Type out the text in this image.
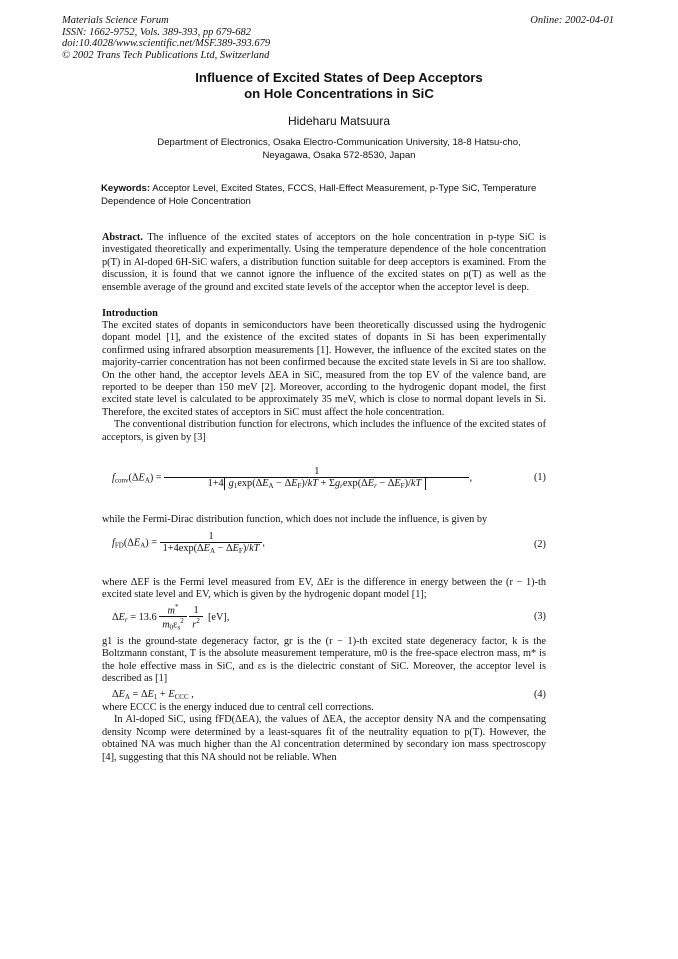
Materials Science Forum
ISSN: 1662-9752, Vols. 389-393, pp 679-682
doi:10.4028/www.scientific.net/MSF.389-393.679
© 2002 Trans Tech Publications Ltd, Switzerland
Online: 2002-04-01
Influence of Excited States of Deep Acceptors
on Hole Concentrations in SiC
Hideharu Matsuura
Department of Electronics, Osaka Electro-Communication University, 18-8 Hatsu-cho,
Neyagawa, Osaka 572-8530, Japan
Keywords: Acceptor Level, Excited States, FCCS, Hall-Effect Measurement, p-Type SiC, Temperature Dependence of Hole Concentration
Abstract. The influence of the excited states of acceptors on the hole concentration in p-type SiC is investigated theoretically and experimentally. Using the temperature dependence of the hole concentration p(T) in Al-doped 6H-SiC wafers, a distribution function suitable for deep acceptors is examined. From the discussion, it is found that we cannot ignore the influence of the excited states on p(T) as well as the ensemble average of the ground and excited state levels of the acceptor when the acceptor level is deep.
Introduction

The excited states of dopants in semiconductors have been theoretically discussed using the hydrogenic dopant model [1], and the existence of the excited states of dopants in Si has been experimentally confirmed using infrared absorption measurements [1]. However, the influence of the excited states on the majority-carrier concentration has not been confirmed because the excited state levels in Si are too shallow. On the other hand, the acceptor levels ΔEA in SiC, measured from the top EV of the valence band, are reported to be deeper than 150 meV [2]. Moreover, according to the hydrogenic dopant model, the first excited state level is calculated to be approximately 35 meV, which is close to normal dopant levels in Si. Therefore, the excited states of acceptors in SiC must affect the hole concentration.

The conventional distribution function for electrons, which includes the influence of the excited states of acceptors, is given by [3]

$f_{conv}(\Delta E_A) = \frac{1}{1+4 g_1\exp(\Delta E_A - \Delta E_F)/kT + \Sigma g_r\exp(\Delta E_r - \Delta E_F)/kT}$ ,	(1)
while the Fermi-Dirac distribution function, which does not include the influence, is given by
$f_{FD}(\Delta E_A) = \frac{1}{1+4\exp(\Delta E_A - \Delta E_F)/kT}$ ,	(2)
where ΔEF is the Fermi level measured from EV, ΔEr is the difference in energy between the (r − 1)-th excited state level and EV, which is given by the hydrogenic dopant model [1];
$\Delta E_r = 13.6 \frac{m^*}{m_0\varepsilon_s^2}$
$\frac{1}{r^2} [eV]$,	(3)
g1 is the ground-state degeneracy factor, gr is the (r − 1)-th excited state degeneracy factor, k is the Boltzmann constant, T is the absolute measurement temperature, m0 is the free-space electron mass, m* is the hole effective mass in SiC, and εs is the dielectric constant of SiC. Moreover, the acceptor level is described as [1]
$\Delta E_A = \Delta E_1 + E_{CCC}$ ,	(4)

where ECCC is the energy induced due to central cell corrections.

In Al-doped SiC, using fFD(ΔEA), the values of ΔEA, the acceptor density NA and the compensating density Ncomp were determined by a least-squares fit of the neutrality equation to p(T). However, the obtained NA was much higher than the Al concentration determined by secondary ion mass spectroscopy [4], suggesting that this NA should not be reliable. When
